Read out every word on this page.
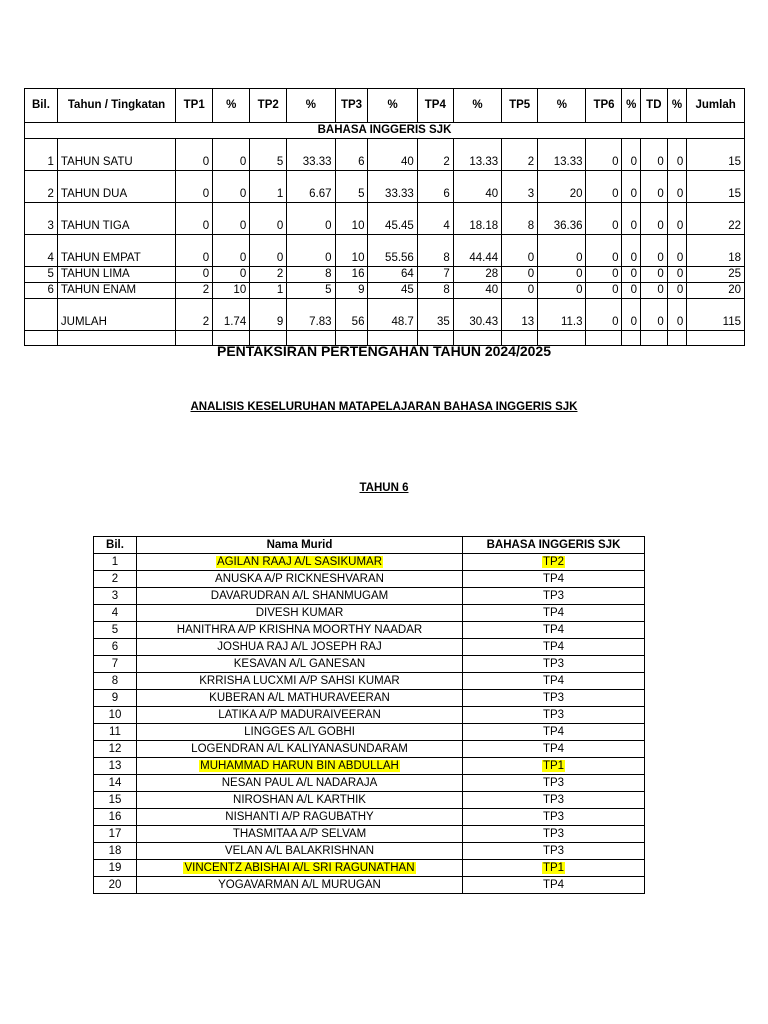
Bil.	Tahun / Tingkatan	TP1	%	TP2	%	TP3	%	TP4	%	TP5	%	TP6	%	TD	%	Jumlah
BAHASA INGGERIS SJK																
1	TAHUN SATU	0	0	5	33.33	6	40	2	13.33	2	13.33	0	0	0	0	15
2	TAHUN DUA	0	0	1	6.67	5	33.33	6	40	3	20	0	0	0	0	15
3	TAHUN TIGA	0	0	0	0	10	45.45	4	18.18	8	36.36	0	0	0	0	22
4	TAHUN EMPAT	0	0	0	0	10	55.56	8	44.44	0	0	0	0	0	0	18
5	TAHUN LIMA	0	0	2	8	16	64	7	28	0	0	0	0	0	0	25
6	TAHUN ENAM	2	10	1	5	9	45	8	40	0	0	0	0	0	0	20
	JUMLAH	2	1.74	9	7.83	56	48.7	35	30.43	13	11.3	0	0	0	0	115

PENTAKSIRAN PERTENGAHAN TAHUN 2024/2025
ANALISIS KESELURUHAN MATAPELAJARAN BAHASA INGGERIS SJK
TAHUN 6
Bil.	Nama Murid	BAHASA INGGERIS SJK
1	AGILAN RAAJ A/L SASIKUMAR	TP2
2	ANUSKA A/P RICKNESHVARAN	TP4
3	DAVARUDRAN A/L SHANMUGAM	TP3
4	DIVESH KUMAR	TP4
5	HANITHRA A/P KRISHNA MOORTHY NAADAR	TP4
6	JOSHUA RAJ A/L JOSEPH RAJ	TP4
7	KESAVAN A/L GANESAN	TP3
8	KRRISHA LUCXMI A/P SAHSI KUMAR	TP4
9	KUBERAN A/L MATHURAVEERAN	TP3
10	LATIKA A/P MADURAIVEERAN	TP3
11	LINGGES A/L GOBHI	TP4
12	LOGENDRAN A/L KALIYANASUNDARAM	TP4
13	MUHAMMAD HARUN BIN ABDULLAH	TP1
14	NESAN PAUL A/L NADARAJA	TP3
15	NIROSHAN A/L KARTHIK	TP3
16	NISHANTI A/P RAGUBATHY	TP3
17	THASMITAA A/P SELVAM	TP3
18	VELAN A/L BALAKRISHNAN	TP3
19	VINCENTZ ABISHAI A/L SRI RAGUNATHAN	TP1
20	YOGAVARMAN A/L MURUGAN	TP4
